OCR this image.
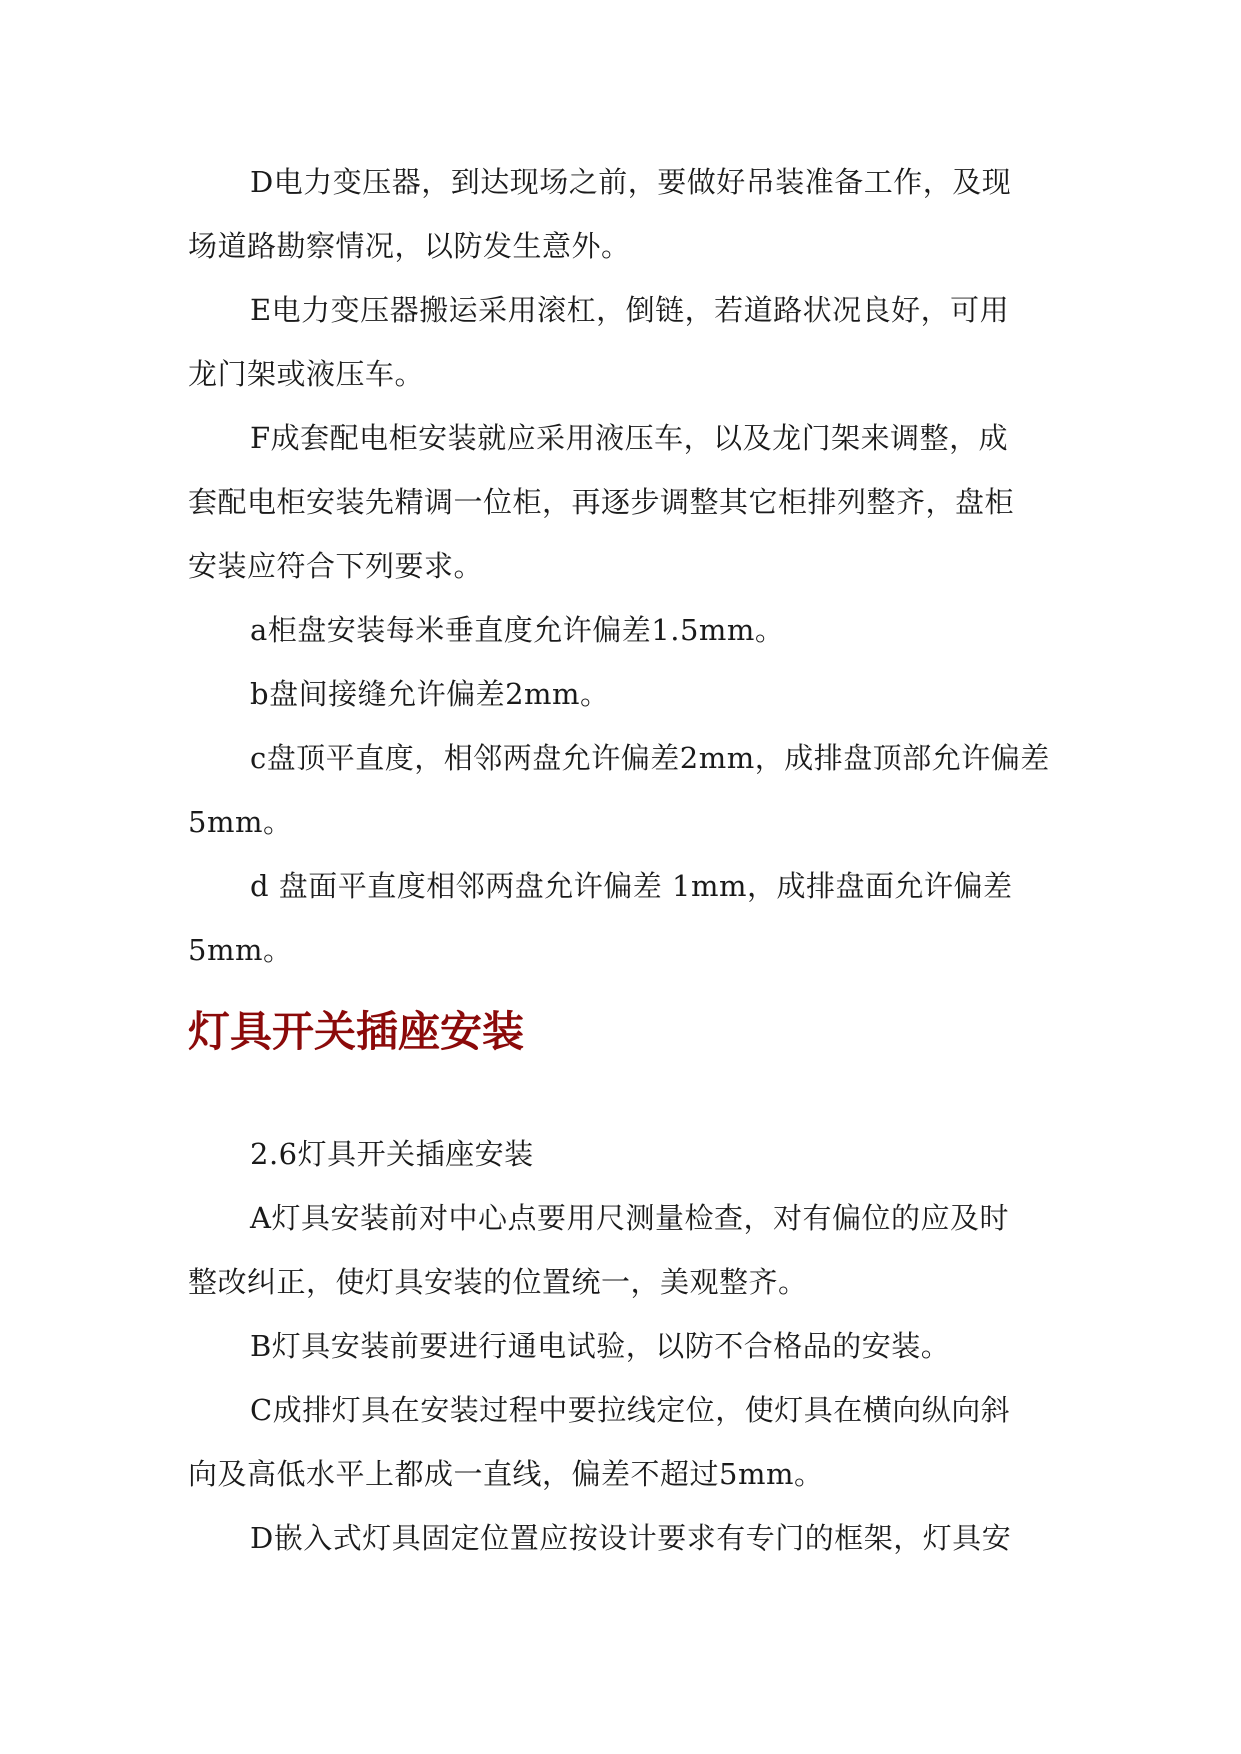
D电力变压器，到达现场之前，要做好吊装准备工作，及现
场道路勘察情况，以防发生意外。
E电力变压器搬运采用滚杠，倒链，若道路状况良好，可用
龙门架或液压车。
F成套配电柜安装就应采用液压车，以及龙门架来调整，成
套配电柜安装先精调一位柜，再逐步调整其它柜排列整齐，盘柜
安装应符合下列要求。
a柜盘安装每米垂直度允许偏差1.5mm。
b盘间接缝允许偏差2mm。
c盘顶平直度，相邻两盘允许偏差2mm，成排盘顶部允许偏差
5mm。
d 盘面平直度相邻两盘允许偏差 1mm，成排盘面允许偏差
5mm。
灯具开关插座安装
2.6灯具开关插座安装
A灯具安装前对中心点要用尺测量检查，对有偏位的应及时
整改纠正，使灯具安装的位置统一，美观整齐。
B灯具安装前要进行通电试验，以防不合格品的安装。
C成排灯具在安装过程中要拉线定位，使灯具在横向纵向斜
向及高低水平上都成一直线，偏差不超过5mm。
D嵌入式灯具固定位置应按设计要求有专门的框架，灯具安
